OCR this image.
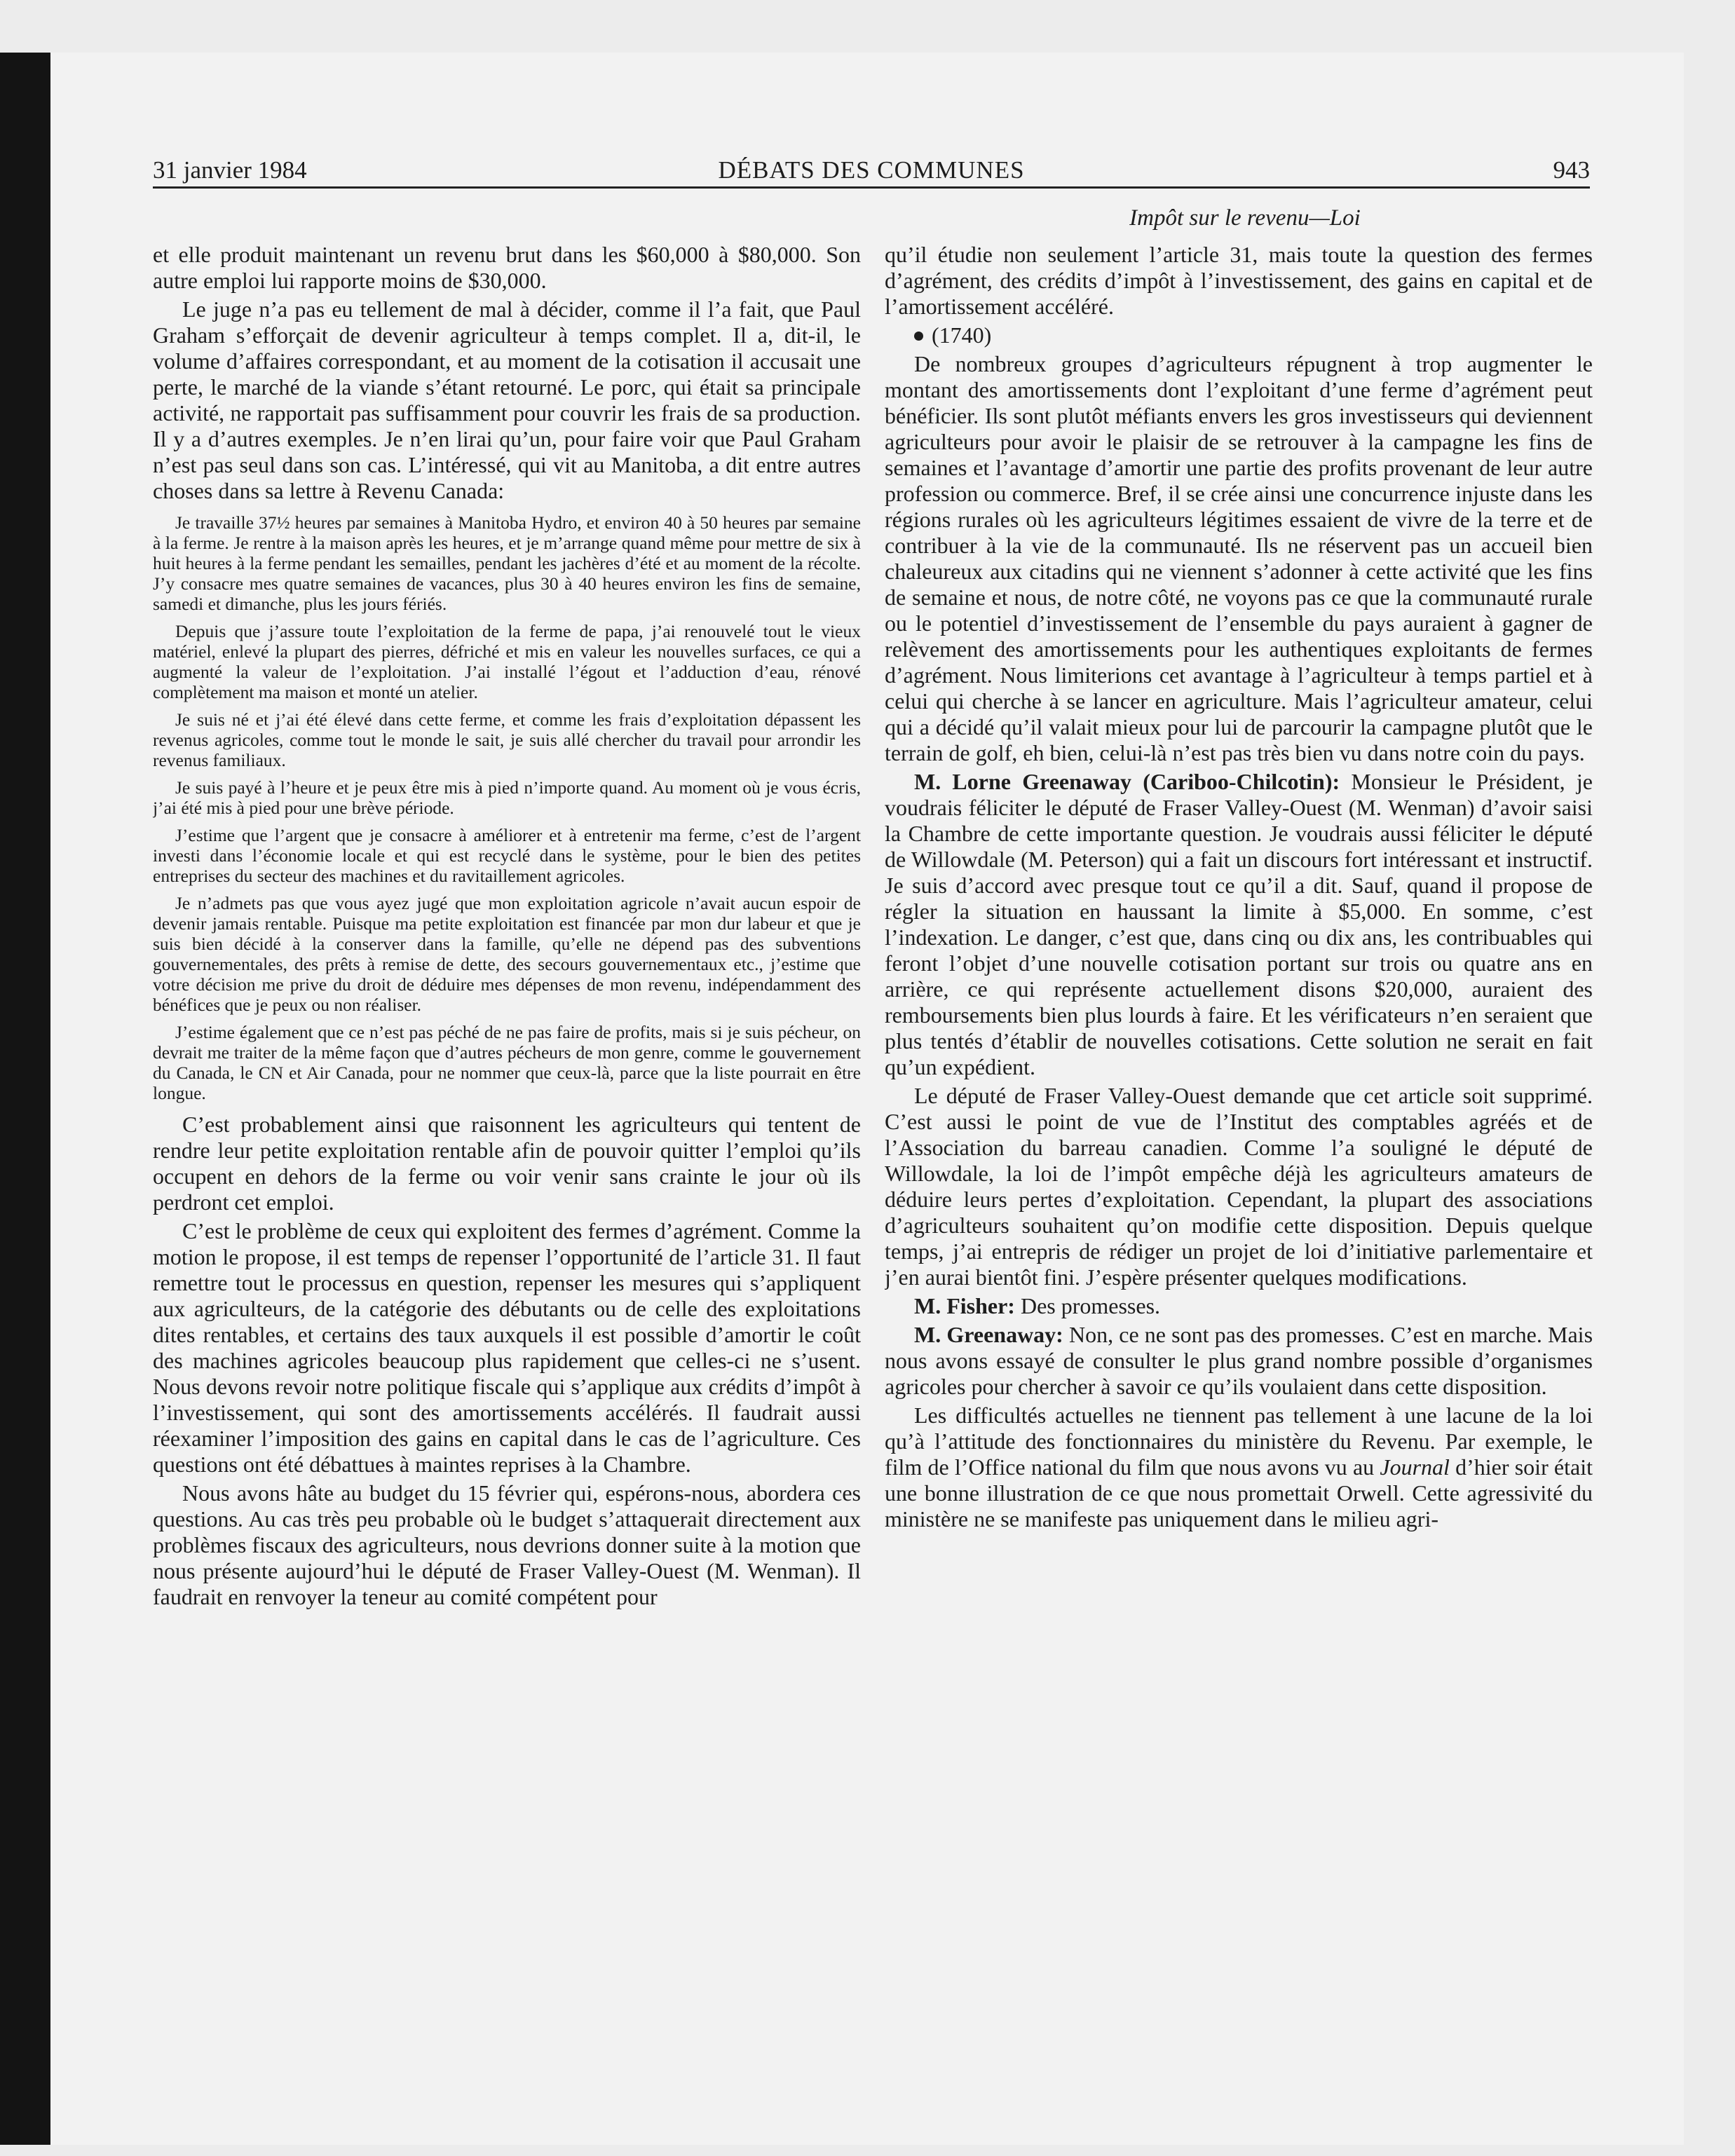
31 janvier 1984	DÉBATS DES COMMUNES	943
Impôt sur le revenu—Loi

et elle produit maintenant un revenu brut dans les $60,000 à $80,000. Son autre emploi lui rapporte moins de $30,000.

Le juge n’a pas eu tellement de mal à décider, comme il l’a fait, que Paul Graham s’efforçait de devenir agriculteur à temps complet. Il a, dit-il, le volume d’affaires correspondant, et au moment de la cotisation il accusait une perte, le marché de la viande s’étant retourné. Le porc, qui était sa principale activité, ne rapportait pas suffisamment pour couvrir les frais de sa production. Il y a d’autres exemples. Je n’en lirai qu’un, pour faire voir que Paul Graham n’est pas seul dans son cas. L’intéressé, qui vit au Manitoba, a dit entre autres choses dans sa lettre à Revenu Canada:

Je travaille 37½ heures par semaines à Manitoba Hydro, et environ 40 à 50 heures par semaine à la ferme. Je rentre à la maison après les heures, et je m’arrange quand même pour mettre de six à huit heures à la ferme pendant les semailles, pendant les jachères d’été et au moment de la récolte. J’y consacre mes quatre semaines de vacances, plus 30 à 40 heures environ les fins de semaine, samedi et dimanche, plus les jours fériés.

Depuis que j’assure toute l’exploitation de la ferme de papa, j’ai renouvelé tout le vieux matériel, enlevé la plupart des pierres, défriché et mis en valeur les nouvelles surfaces, ce qui a augmenté la valeur de l’exploitation. J’ai installé l’égout et l’adduction d’eau, rénové complètement ma maison et monté un atelier.

Je suis né et j’ai été élevé dans cette ferme, et comme les frais d’exploitation dépassent les revenus agricoles, comme tout le monde le sait, je suis allé chercher du travail pour arrondir les revenus familiaux.

Je suis payé à l’heure et je peux être mis à pied n’importe quand. Au moment où je vous écris, j’ai été mis à pied pour une brève période.

J’estime que l’argent que je consacre à améliorer et à entretenir ma ferme, c’est de l’argent investi dans l’économie locale et qui est recyclé dans le système, pour le bien des petites entreprises du secteur des machines et du ravitaillement agricoles.

Je n’admets pas que vous ayez jugé que mon exploitation agricole n’avait aucun espoir de devenir jamais rentable. Puisque ma petite exploitation est financée par mon dur labeur et que je suis bien décidé à la conserver dans la famille, qu’elle ne dépend pas des subventions gouvernementales, des prêts à remise de dette, des secours gouvernementaux etc., j’estime que votre décision me prive du droit de déduire mes dépenses de mon revenu, indépendamment des bénéfices que je peux ou non réaliser.

J’estime également que ce n’est pas péché de ne pas faire de profits, mais si je suis pécheur, on devrait me traiter de la même façon que d’autres pécheurs de mon genre, comme le gouvernement du Canada, le CN et Air Canada, pour ne nommer que ceux-là, parce que la liste pourrait en être longue.

C’est probablement ainsi que raisonnent les agriculteurs qui tentent de rendre leur petite exploitation rentable afin de pouvoir quitter l’emploi qu’ils occupent en dehors de la ferme ou voir venir sans crainte le jour où ils perdront cet emploi.

C’est le problème de ceux qui exploitent des fermes d’agrément. Comme la motion le propose, il est temps de repenser l’opportunité de l’article 31. Il faut remettre tout le processus en question, repenser les mesures qui s’appliquent aux agriculteurs, de la catégorie des débutants ou de celle des exploitations dites rentables, et certains des taux auxquels il est possible d’amortir le coût des machines agricoles beaucoup plus rapidement que celles-ci ne s’usent. Nous devons revoir notre politique fiscale qui s’applique aux crédits d’impôt à l’investissement, qui sont des amortissements accélérés. Il faudrait aussi réexaminer l’imposition des gains en capital dans le cas de l’agriculture. Ces questions ont été débattues à maintes reprises à la Chambre.

Nous avons hâte au budget du 15 février qui, espérons-nous, abordera ces questions. Au cas très peu probable où le budget s’attaquerait directement aux problèmes fiscaux des agriculteurs, nous devrions donner suite à la motion que nous présente aujourd’hui le député de Fraser Valley-Ouest (M. Wenman). Il faudrait en renvoyer la teneur au comité compétent pour

qu’il étudie non seulement l’article 31, mais toute la question des fermes d’agrément, des crédits d’impôt à l’investissement, des gains en capital et de l’amortissement accéléré.

(1740)

De nombreux groupes d’agriculteurs répugnent à trop augmenter le montant des amortissements dont l’exploitant d’une ferme d’agrément peut bénéficier. Ils sont plutôt méfiants envers les gros investisseurs qui deviennent agriculteurs pour avoir le plaisir de se retrouver à la campagne les fins de semaines et l’avantage d’amortir une partie des profits provenant de leur autre profession ou commerce. Bref, il se crée ainsi une concurrence injuste dans les régions rurales où les agriculteurs légitimes essaient de vivre de la terre et de contribuer à la vie de la communauté. Ils ne réservent pas un accueil bien chaleureux aux citadins qui ne viennent s’adonner à cette activité que les fins de semaine et nous, de notre côté, ne voyons pas ce que la communauté rurale ou le potentiel d’investissement de l’ensemble du pays auraient à gagner de relèvement des amortissements pour les authentiques exploitants de fermes d’agrément. Nous limiterions cet avantage à l’agriculteur à temps partiel et à celui qui cherche à se lancer en agriculture. Mais l’agriculteur amateur, celui qui a décidé qu’il valait mieux pour lui de parcourir la campagne plutôt que le terrain de golf, eh bien, celui-là n’est pas très bien vu dans notre coin du pays.

M. Lorne Greenaway (Cariboo-Chilcotin): Monsieur le Président, je voudrais féliciter le député de Fraser Valley-Ouest (M. Wenman) d’avoir saisi la Chambre de cette importante question. Je voudrais aussi féliciter le député de Willowdale (M. Peterson) qui a fait un discours fort intéressant et instructif. Je suis d’accord avec presque tout ce qu’il a dit. Sauf, quand il propose de régler la situation en haussant la limite à $5,000. En somme, c’est l’indexation. Le danger, c’est que, dans cinq ou dix ans, les contribuables qui feront l’objet d’une nouvelle cotisation portant sur trois ou quatre ans en arrière, ce qui représente actuellement disons $20,000, auraient des remboursements bien plus lourds à faire. Et les vérificateurs n’en seraient que plus tentés d’établir de nouvelles cotisations. Cette solution ne serait en fait qu’un expédient.

Le député de Fraser Valley-Ouest demande que cet article soit supprimé. C’est aussi le point de vue de l’Institut des comptables agréés et de l’Association du barreau canadien. Comme l’a souligné le député de Willowdale, la loi de l’impôt empêche déjà les agriculteurs amateurs de déduire leurs pertes d’exploitation. Cependant, la plupart des associations d’agriculteurs souhaitent qu’on modifie cette disposition. Depuis quelque temps, j’ai entrepris de rédiger un projet de loi d’initiative parlementaire et j’en aurai bientôt fini. J’espère présenter quelques modifications.

M. Fisher: Des promesses.

M. Greenaway: Non, ce ne sont pas des promesses. C’est en marche. Mais nous avons essayé de consulter le plus grand nombre possible d’organismes agricoles pour chercher à savoir ce qu’ils voulaient dans cette disposition.

Les difficultés actuelles ne tiennent pas tellement à une lacune de la loi qu’à l’attitude des fonctionnaires du ministère du Revenu. Par exemple, le film de l’Office national du film que nous avons vu au Journal d’hier soir était une bonne illustration de ce que nous promettait Orwell. Cette agressivité du ministère ne se manifeste pas uniquement dans le milieu agri-
